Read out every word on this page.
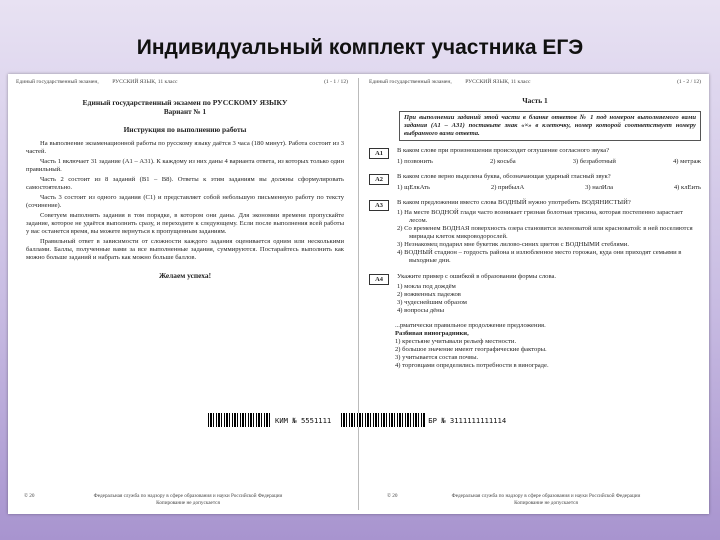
Индивидуальный комплект участника ЕГЭ
Единый государственный экзамен, РУССКИЙ ЯЗЫК, 11 класс	(1 - 1 / 12)
Единый государственный экзамен по РУССКОМУ ЯЗЫКУ
Вариант № 1
Инструкция по выполнению работы

На выполнение экзаменационной работы по русскому языку даётся 3 часа (180 минут). Работа состоит из 3 частей.

Часть 1 включает 31 задание (А1 – А31). К каждому из них даны 4 варианта ответа, из которых только один правильный.

Часть 2 состоит из 8 заданий (В1 – В8). Ответы к этим заданиям вы должны сформулировать самостоятельно.

Часть 3 состоит из одного задания (С1) и представляет собой небольшую письменную работу по тексту (сочинение).

Советуем выполнять задания в том порядке, в котором они даны. Для экономии времени пропускайте задание, которое не удаётся выполнить сразу, и переходите к следующему. Если после выполнения всей работы у вас останется время, вы можете вернуться к пропущенным заданиям.

Правильный ответ в зависимости от сложности каждого задания оценивается одним или несколькими баллами. Баллы, полученные вами за все выполненные задания, суммируются. Постарайтесь выполнить как можно больше заданий и набрать как можно больше баллов.

Желаем успеха!
© 20	Федеральная служба по надзору в сфере образования и науки Российской Федерации
Копирование не допускается
КИМ № 5551111	БР № 3111111111114
Единый государственный экзамен, РУССКИЙ ЯЗЫК, 11 класс	(1 - 2 / 12)
Часть 1
При выполнении заданий этой части в бланке ответов № 1 под номером выполняемого вами задания (А1 – А31) поставьте знак «×» в клеточку, номер которой соответствует номеру выбранного вами ответа.
A1	В каком слове при произношении происходит оглушение согласного звука?
1) позвонить	2) косьба	3) безработный	4) метраж
A2	В каком слове верно выделена буква, обозначающая ударный гласный звук?
1) щЕлкАть	2) прибылА	3) налИла	4) клЕить
A3	В каком предложении вместо слова ВОДНЫЙ нужно употребить ВОДЯНИСТЫЙ?
1) На месте ВОДНОЙ глади часто возникает грязная болотная трясина, которая постепенно зарастает лесом.
2) Со временем ВОДНАЯ поверхность озера становится зеленоватой или красноватой: в ней поселяются мириады клеток микроводорослей.
3) Незнакомец подарил мне букетик лилово-синих цветов с ВОДНЫМИ стеблями.
4) ВОДНЫЙ стадион – гордость района и излюбленное место горожан, куда они приходят семьями в выходные дни.
A4	Укажите пример с ошибкой в образовании формы слова.
1) мокла под дождём
2) вожвенных падежов
3) чудеснейшим образом
4) вопросы дёны
...рматически правильное продолжение предложения.
Разбивая виноградники,
1) крестьяне учитывали рельеф местности.
2) большое значение имеют географические факторы.
3) учитывается состав почвы.
4) торговцами определялись потребности в винограде.
© 20	Федеральная служба по надзору в сфере образования и науки Российской Федерации
Копирование не допускается
